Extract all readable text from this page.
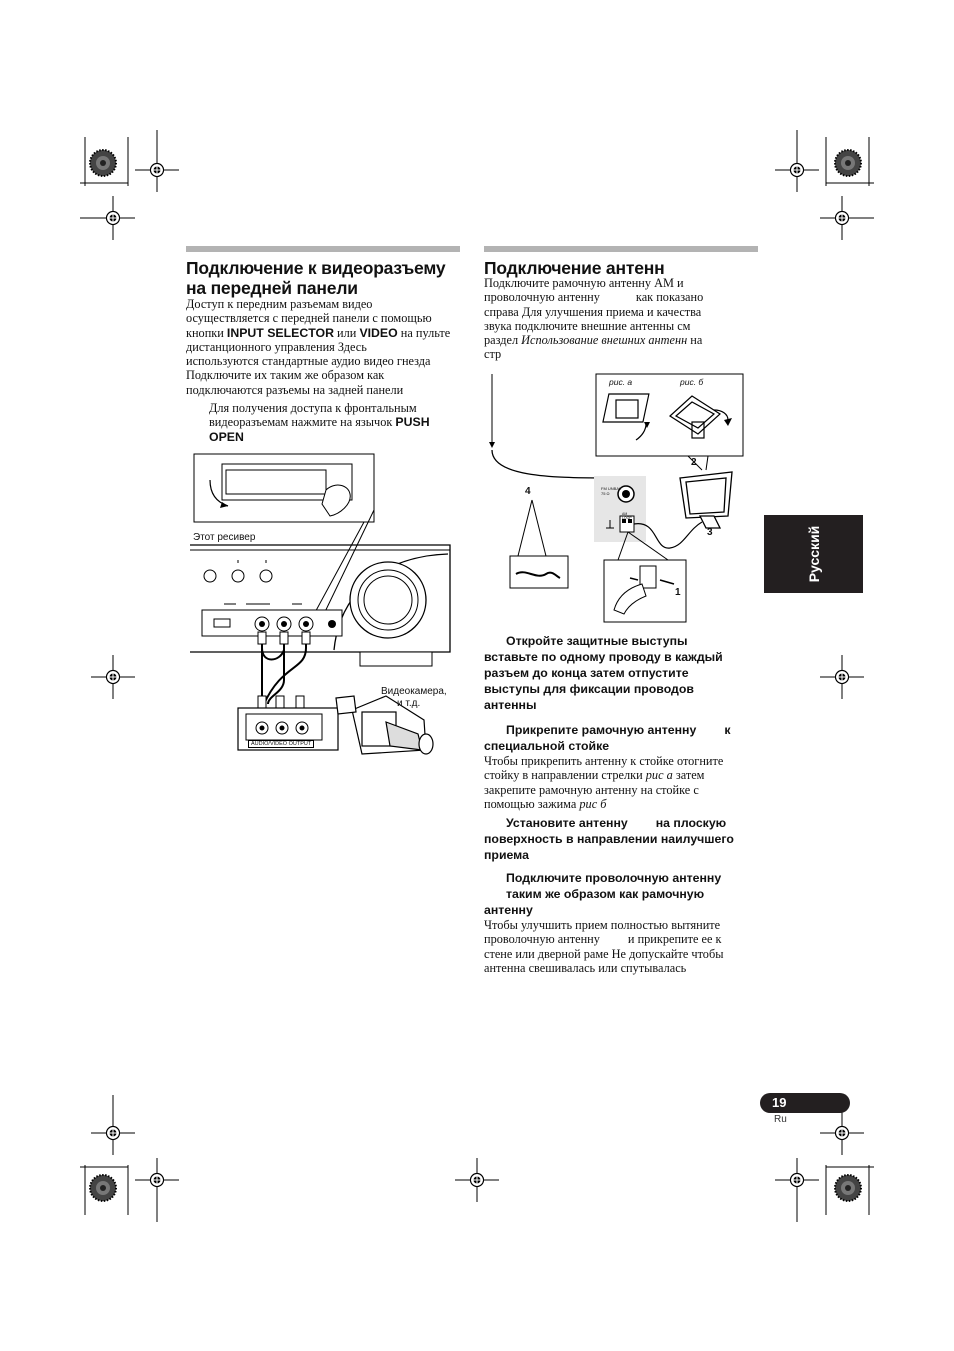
Подключение к видеоразъему на передней панели
Доступ к передним разъемам видео
осуществляется с передней панели с помощью
кнопки INPUT SELECTOR или VIDEO на пульте
дистанционного управления Здесь
используются стандартные аудио видео гнезда
Подключите их таким же образом как
подключаются разъемы на задней панели
Для получения доступа к фронтальным
видеоразъемам нажмите на язычок PUSH
OPEN
Этот ресивер
Видеокамера,
и т.д.
AUDIO/VIDEO OUTPUT
Подключение антенн
Подключите рамочную антенну АМ и
проволочную антенну	как показано
справа Для улучшения приема и качества
звука подключите внешние антенны см
раздел Использование внешних антенн на
стр
рис. а	рис. б
2
3
4
1
FM UNBAL 75 Ω
AM LOOP
Откройте защитные выступы
вставьте по одному проводу в каждый
разъем до конца затем отпустите
выступы для фиксации проводов
антенны
Прикрепите рамочную антенну к
специальной стойке
Чтобы прикрепить антенну к стойке отогните
стойку в направлении стрелки рис а затем
закрепите рамочную антенну на стойке с
помощью зажима рис б
Установите антенну на плоскую
поверхность в направлении наилучшего
приема
Подключите проволочную антенну
таким же образом как рамочную
антенну
Чтобы улучшить прием полностью вытяните
проволочную антенну и прикрепите ее к
стене или дверной раме Не допускайте чтобы
антенна свешивалась или спутывалась
Русский
19
Ru
